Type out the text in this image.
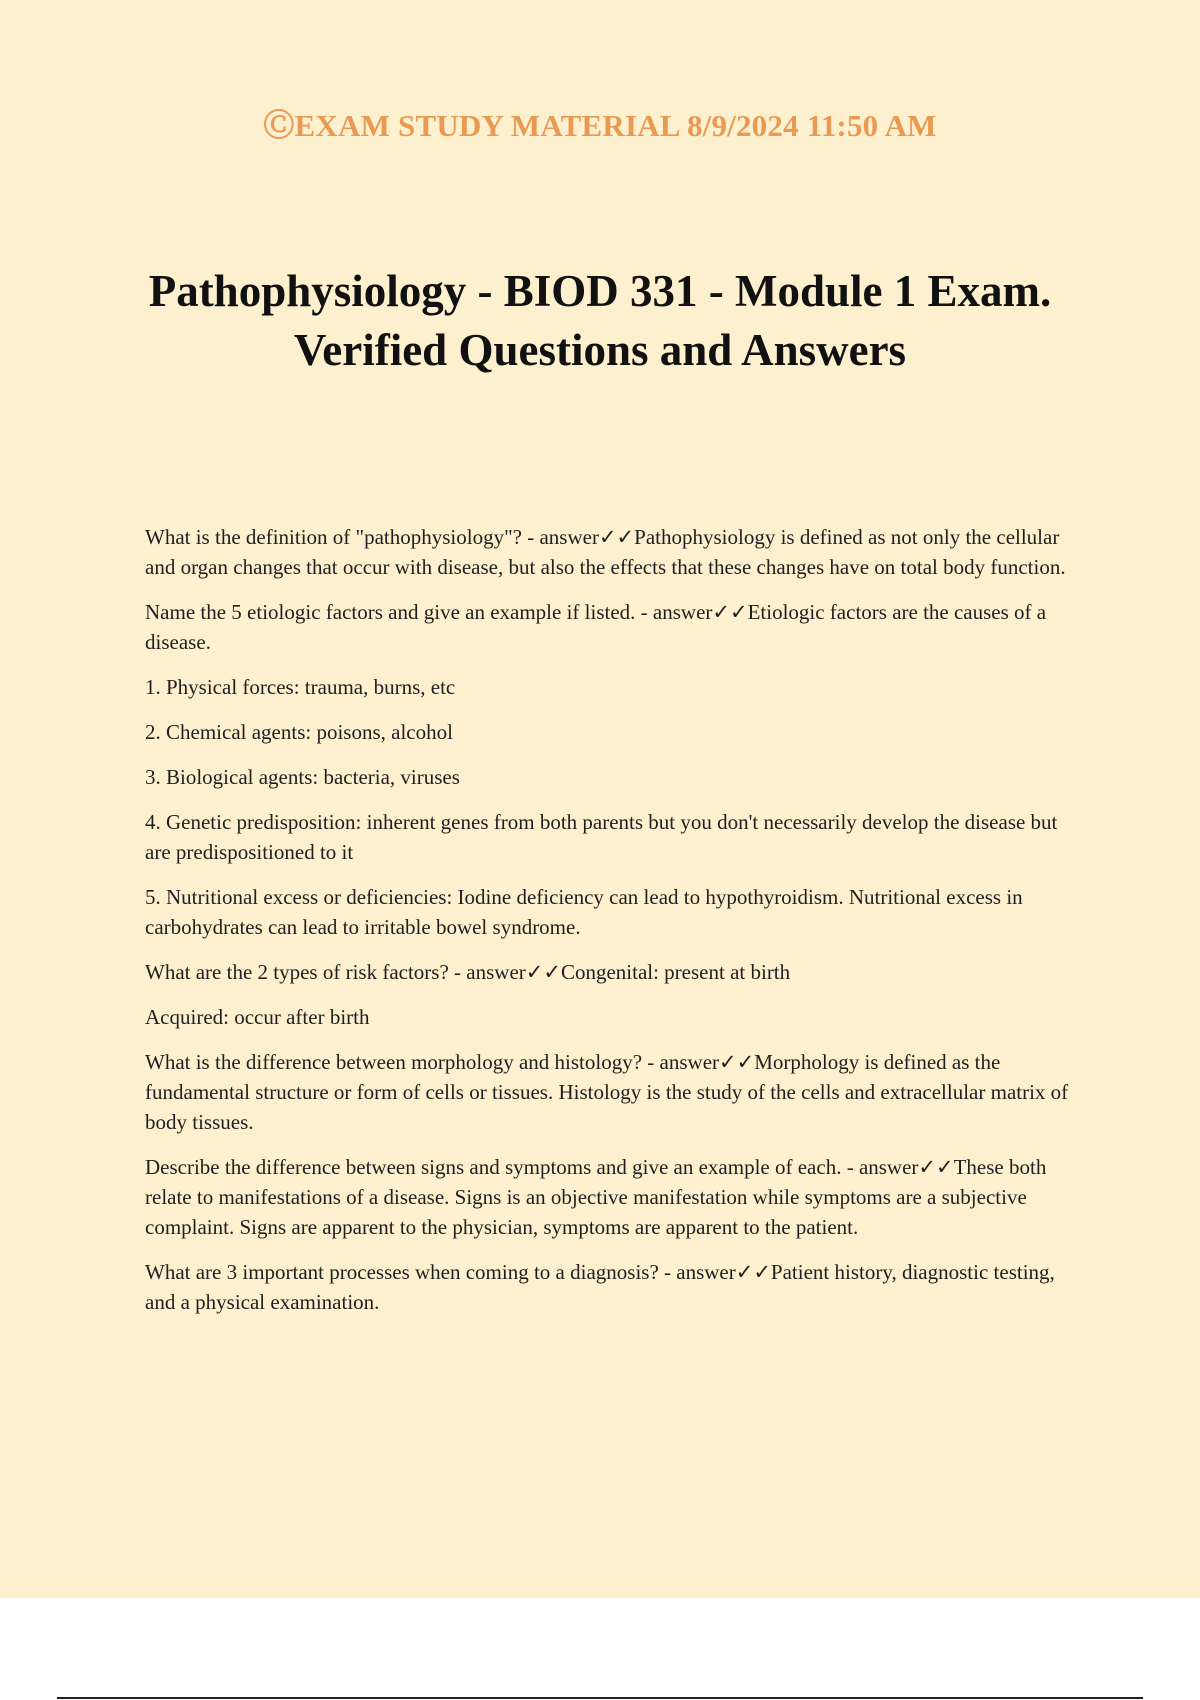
ⒸEXAM STUDY MATERIAL 8/9/2024 11:50 AM
Pathophysiology - BIOD 331 - Module 1 Exam. Verified Questions and Answers

What is the definition of "pathophysiology"? - answer✓✓Pathophysiology is defined as not only the cellular and organ changes that occur with disease, but also the effects that these changes have on total body function.

Name the 5 etiologic factors and give an example if listed. - answer✓✓Etiologic factors are the causes of a disease.

1. Physical forces: trauma, burns, etc

2. Chemical agents: poisons, alcohol

3. Biological agents: bacteria, viruses

4. Genetic predisposition: inherent genes from both parents but you don't necessarily develop the disease but are predispositioned to it

5. Nutritional excess or deficiencies: Iodine deficiency can lead to hypothyroidism. Nutritional excess in carbohydrates can lead to irritable bowel syndrome.

What are the 2 types of risk factors? - answer✓✓Congenital: present at birth

Acquired: occur after birth

What is the difference between morphology and histology? - answer✓✓Morphology is defined as the fundamental structure or form of cells or tissues. Histology is the study of the cells and extracellular matrix of body tissues.

Describe the difference between signs and symptoms and give an example of each. - answer✓✓These both relate to manifestations of a disease. Signs is an objective manifestation while symptoms are a subjective complaint. Signs are apparent to the physician, symptoms are apparent to the patient.

What are 3 important processes when coming to a diagnosis? - answer✓✓Patient history, diagnostic testing, and a physical examination.
